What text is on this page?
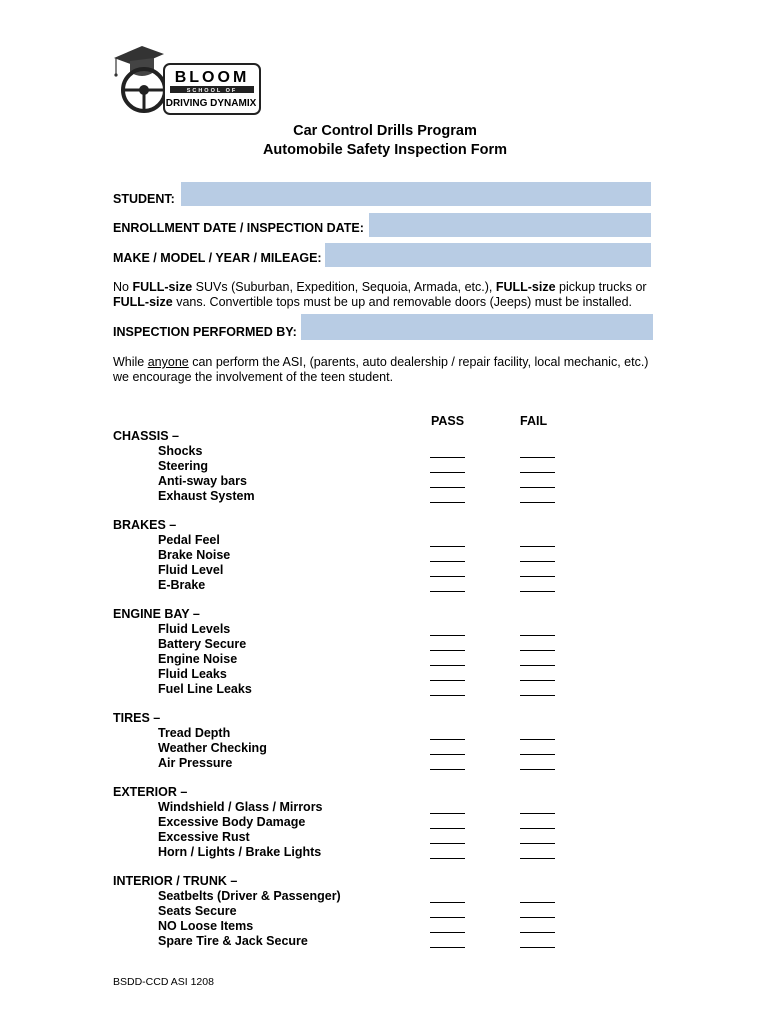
BLOOM
SCHOOL OF
DRIVING DYNAMIX
Car Control Drills Program
Automobile Safety Inspection Form
STUDENT:
ENROLLMENT DATE / INSPECTION DATE:
MAKE / MODEL / YEAR / MILEAGE:
No FULL-size SUVs (Suburban, Expedition, Sequoia, Armada, etc.), FULL-size pickup trucks or
FULL-size vans. Convertible tops must be up and removable doors (Jeeps) must be installed.
INSPECTION PERFORMED BY:
While anyone can perform the ASI, (parents, auto dealership / repair facility, local mechanic, etc.)
we encourage the involvement of the teen student.
PASS	FAIL
CHASSIS –
Shocks
Steering
Anti-sway bars
Exhaust System
BRAKES –
Pedal Feel
Brake Noise
Fluid Level
E-Brake
ENGINE BAY –
Fluid Levels
Battery Secure
Engine Noise
Fluid Leaks
Fuel Line Leaks
TIRES –
Tread Depth
Weather Checking
Air Pressure
EXTERIOR –
Windshield / Glass / Mirrors
Excessive Body Damage
Excessive Rust
Horn / Lights / Brake Lights
INTERIOR / TRUNK –
Seatbelts (Driver & Passenger)
Seats Secure
NO Loose Items
Spare Tire & Jack Secure
BSDD-CCD ASI 1208
